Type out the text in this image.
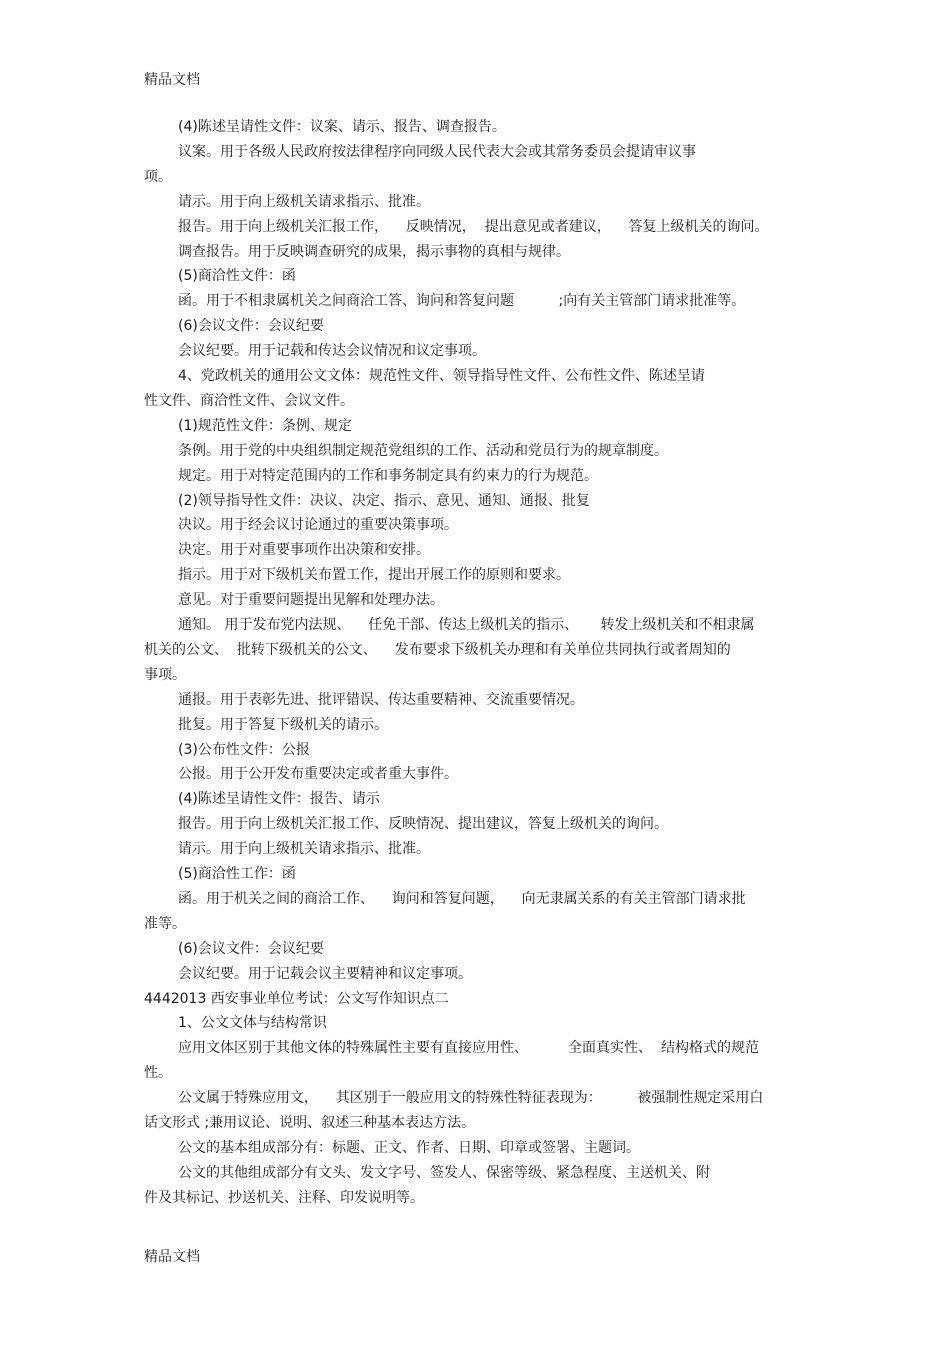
精品文档
(4)陈述呈请性文件：议案、请示、报告、调查报告。
议案。用于各级人民政府按法律程序向同级人民代表大会或其常务委员会提请审议事
项。
请示。用于向上级机关请求指示、批准。
报告。用于向上级机关汇报工作，    反映情况，  提出意见或者建议，    答复上级机关的询问。
调查报告。用于反映调查研究的成果，揭示事物的真相与规律。
(5)商洽性文件：函
函。用于不相隶属机关之间商洽工答、询问和答复问题          ;向有关主管部门请求批准等。
(6)会议文件：会议纪要
会议纪要。用于记载和传达会议情况和议定事项。
4、党政机关的通用公文文体：规范性文件、领导指导性文件、公布性文件、陈述呈请
性文件、商洽性文件、会议文件。
(1)规范性文件：条例、规定
条例。用于党的中央组织制定规范党组织的工作、活动和党员行为的规章制度。
规定。用于对特定范围内的工作和事务制定具有约束力的行为规范。
(2)领导指导性文件：决议、决定、指示、意见、通知、通报、批复
决议。用于经会议讨论通过的重要决策事项。
决定。用于对重要事项作出决策和安排。
指示。用于对下级机关布置工作，提出开展工作的原则和要求。
意见。对于重要问题提出见解和处理办法。
通知。 用于发布党内法规、    任免干部、传达上级机关的指示、     转发上级机关和不相隶属
机关的公文、  批转下级机关的公文、    发布要求下级机关办理和有关单位共同执行或者周知的
事项。
通报。用于表彰先进、批评错误、传达重要精神、交流重要情况。
批复。用于答复下级机关的请示。
(3)公布性文件：公报
公报。用于公开发布重要决定或者重大事件。
(4)陈述呈请性文件：报告、请示
报告。用于向上级机关汇报工作、反映情况、提出建议，答复上级机关的询问。
请示。用于向上级机关请求指示、批准。
(5)商洽性工作：函
函。用于机关之间的商洽工作、    询问和答复问题，    向无隶属关系的有关主管部门请求批
准等。
(6)会议文件：会议纪要
会议纪要。用于记载会议主要精神和议定事项。
4442013 西安事业单位考试：公文写作知识点二
1、公文文体与结构常识
应用文体区别于其他文体的特殊属性主要有直接应用性、         全面真实性、  结构格式的规范
性。
公文属于特殊应用文，    其区别于一般应用文的特殊性特征表现为：        被强制性规定采用白
话文形式 ;兼用议论、说明、叙述三种基本表达方法。
公文的基本组成部分有：标题、正文、作者、日期、印章或签署、主题词。
公文的其他组成部分有文头、发文字号、签发人、保密等级、紧急程度、主送机关、附
件及其标记、抄送机关、注释、印发说明等。
精品文档
